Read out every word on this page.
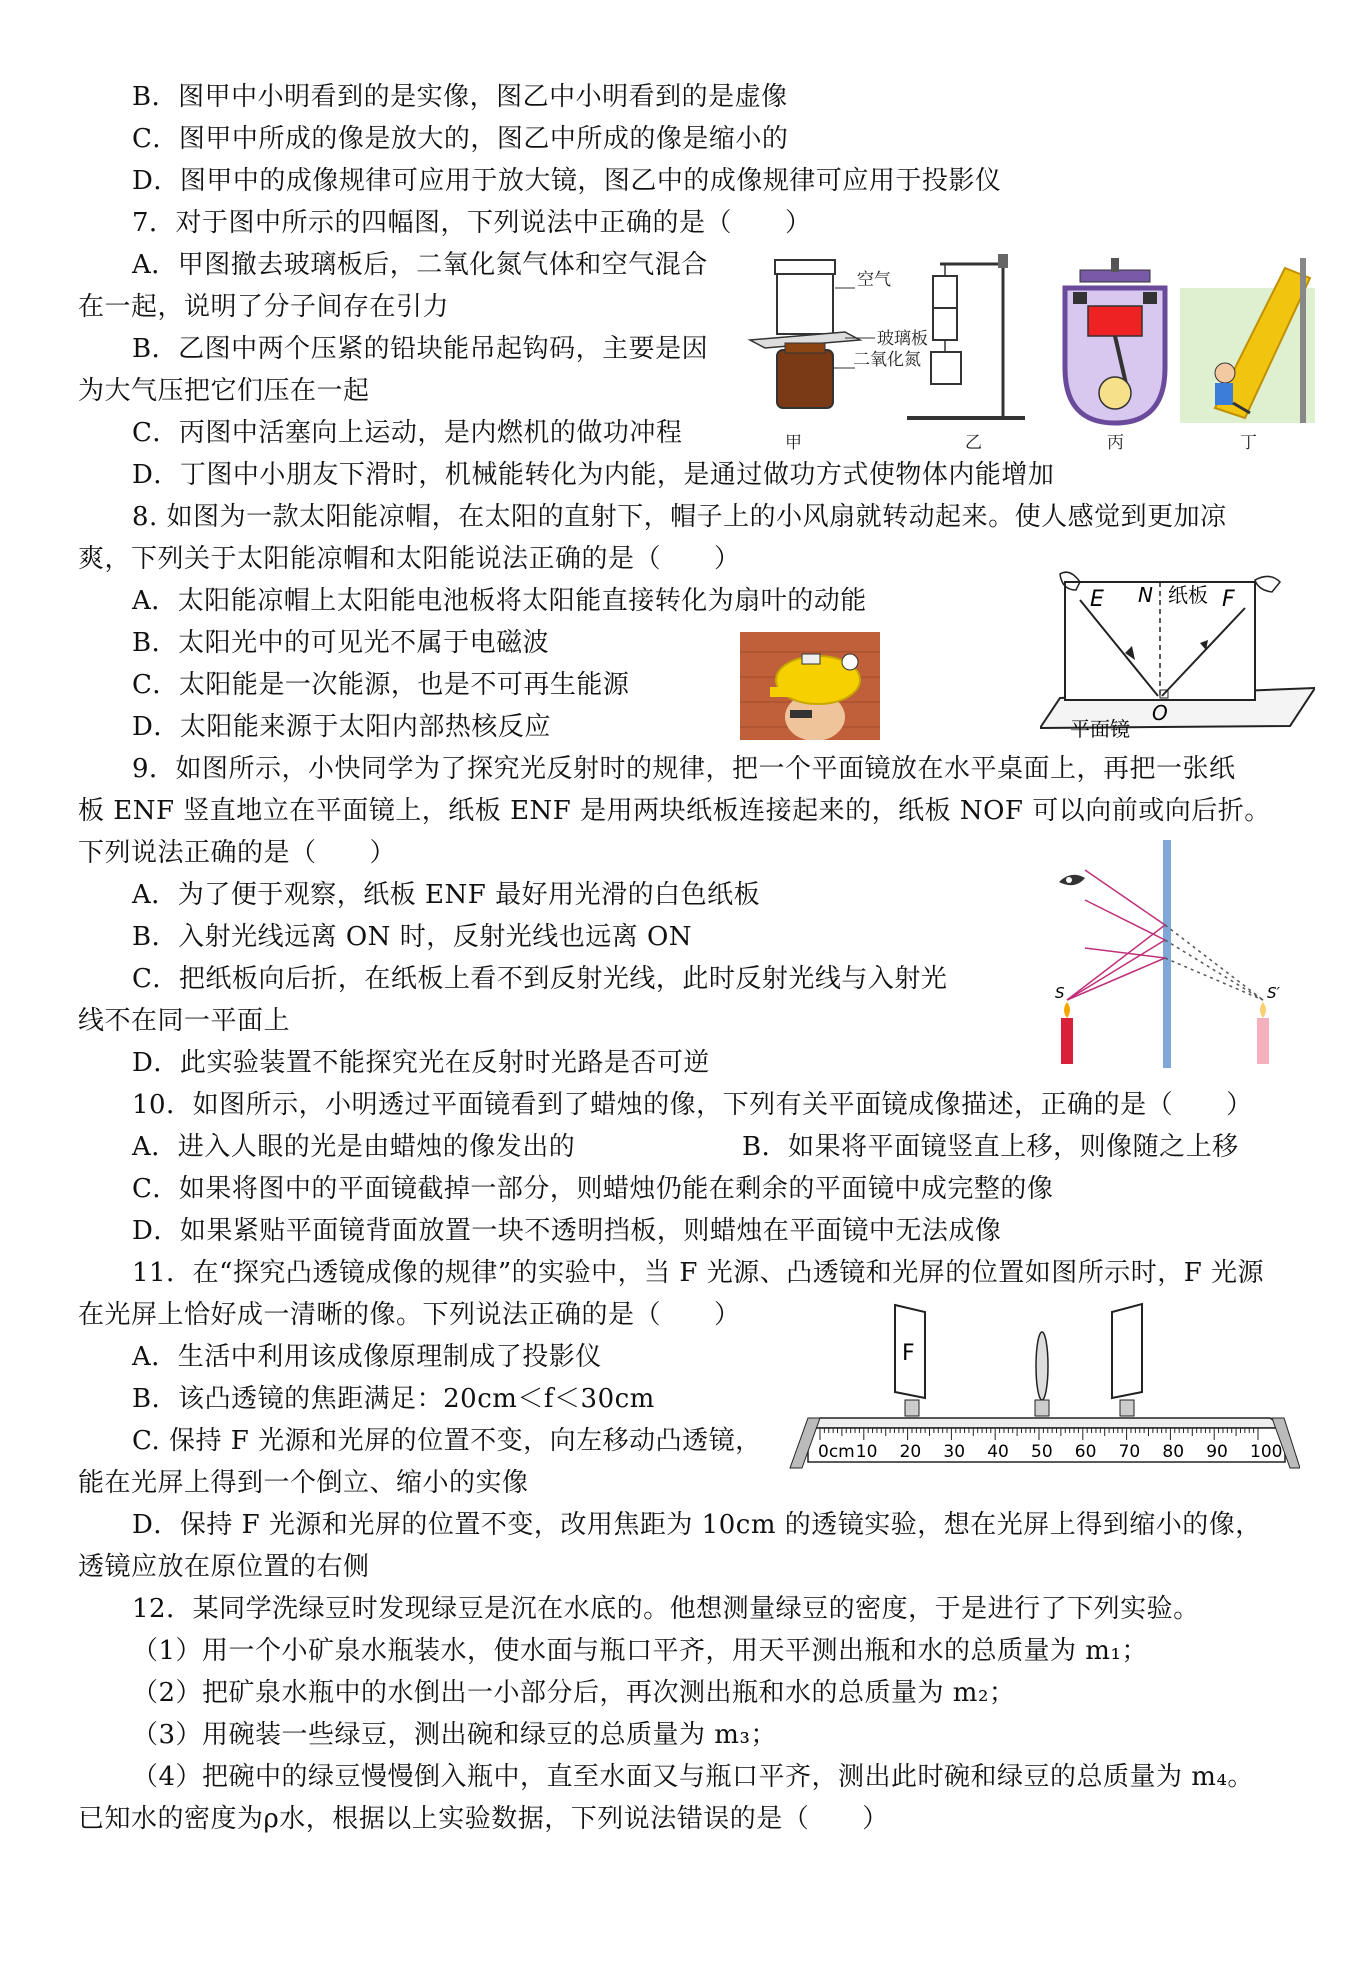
B．图甲中小明看到的是实像，图乙中小明看到的是虚像
C．图甲中所成的像是放大的，图乙中所成的像是缩小的
D．图甲中的成像规律可应用于放大镜，图乙中的成像规律可应用于投影仪
7．对于图中所示的四幅图，下列说法中正确的是（　　）
A．甲图撤去玻璃板后，二氧化氮气体和空气混合
在一起，说明了分子间存在引力
B．乙图中两个压紧的铅块能吊起钩码，主要是因
为大气压把它们压在一起
C．丙图中活塞向上运动，是内燃机的做功冲程
D．丁图中小朋友下滑时，机械能转化为内能，是通过做功方式使物体内能增加
8. 如图为一款太阳能凉帽，在太阳的直射下，帽子上的小风扇就转动起来。使人感觉到更加凉
爽，下列关于太阳能凉帽和太阳能说法正确的是（　　）
A．太阳能凉帽上太阳能电池板将太阳能直接转化为扇叶的动能
B．太阳光中的可见光不属于电磁波
C．太阳能是一次能源，也是不可再生能源
D．太阳能来源于太阳内部热核反应
9．如图所示，小快同学为了探究光反射时的规律，把一个平面镜放在水平桌面上，再把一张纸
板 ENF 竖直地立在平面镜上，纸板 ENF 是用两块纸板连接起来的，纸板 NOF 可以向前或向后折。
下列说法正确的是（　　）
A．为了便于观察，纸板 ENF 最好用光滑的白色纸板
B．入射光线远离 ON 时，反射光线也远离 ON
C．把纸板向后折，在纸板上看不到反射光线，此时反射光线与入射光
线不在同一平面上
D．此实验装置不能探究光在反射时光路是否可逆
10．如图所示，小明透过平面镜看到了蜡烛的像，下列有关平面镜成像描述，正确的是（　　）
A．进入人眼的光是由蜡烛的像发出的	B．如果将平面镜竖直上移，则像随之上移
C．如果将图中的平面镜截掉一部分，则蜡烛仍能在剩余的平面镜中成完整的像
D．如果紧贴平面镜背面放置一块不透明挡板，则蜡烛在平面镜中无法成像
11．在“探究凸透镜成像的规律”的实验中，当 F 光源、凸透镜和光屏的位置如图所示时，F 光源
在光屏上恰好成一清晰的像。下列说法正确的是（　　）
A．生活中利用该成像原理制成了投影仪
B．该凸透镜的焦距满足：20cm＜f＜30cm
C. 保持 F 光源和光屏的位置不变，向左移动凸透镜，
能在光屏上得到一个倒立、缩小的实像
D．保持 F 光源和光屏的位置不变，改用焦距为 10cm 的透镜实验，想在光屏上得到缩小的像，
透镜应放在原位置的右侧
12．某同学洗绿豆时发现绿豆是沉在水底的。他想测量绿豆的密度，于是进行了下列实验。
（1）用一个小矿泉水瓶装水，使水面与瓶口平齐，用天平测出瓶和水的总质量为 m₁；
（2）把矿泉水瓶中的水倒出一小部分后，再次测出瓶和水的总质量为 m₂；
（3）用碗装一些绿豆，测出碗和绿豆的总质量为 m₃；
（4）把碗中的绿豆慢慢倒入瓶中，直至水面又与瓶口平齐，测出此时碗和绿豆的总质量为 m₄。
已知水的密度为ρ水，根据以上实验数据，下列说法错误的是（　　）
空气
玻璃板
二氧化氮
甲	乙	丙	丁
E N 纸板 F
O
平面镜
S	S′
F
0cm 10 20 30 40 50 60 70 80 90 100
